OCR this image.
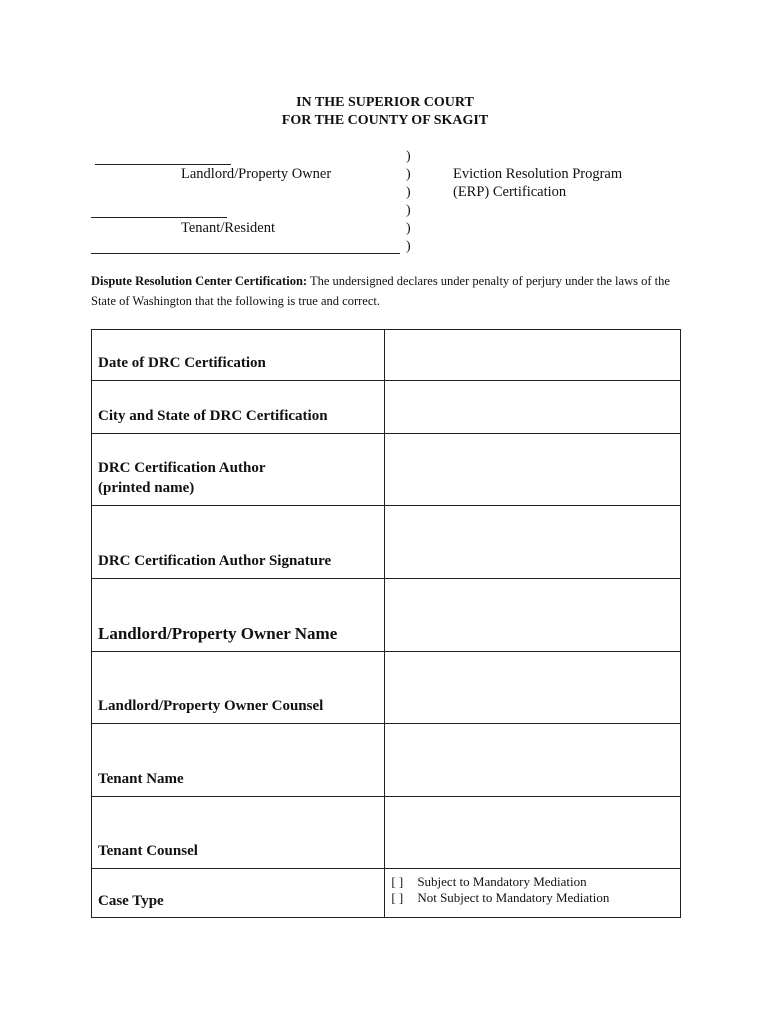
IN THE SUPERIOR COURT
FOR THE COUNTY OF SKAGIT
Landlord/Property Owner
Tenant/Resident
)
)
)
)
)
)
Eviction Resolution Program
(ERP) Certification
Dispute Resolution Center Certification: The undersigned declares under penalty of perjury under the laws of the State of Washington that the following is true and correct.
Date of DRC Certification	
City and State of DRC Certification	

DRC Certification Author
(printed name)	

DRC Certification Author Signature	
Landlord/Property Owner Name	
Landlord/Property Owner Counsel	
Tenant Name	
Tenant Counsel	
Case Type	[ ] Subject to Mandatory Mediation
[ ] Not Subject to Mandatory Mediation
